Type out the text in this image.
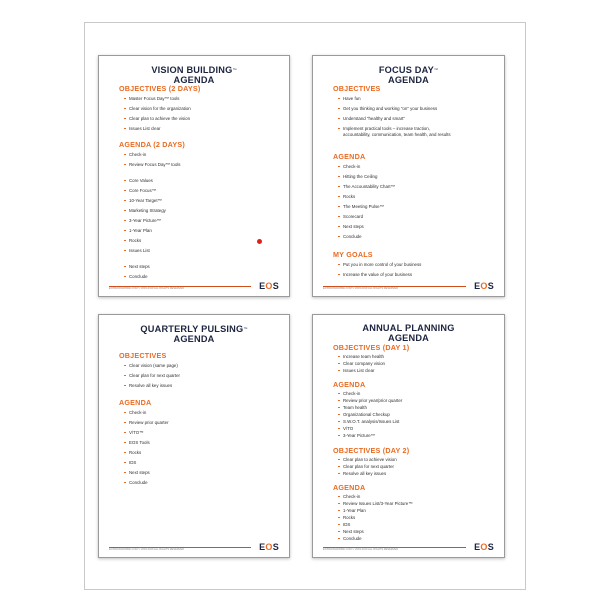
VISION BUILDING™
AGENDA
OBJECTIVES (2 DAYS)
Master Focus Day™ tools
Clear vision for the organization
Clear plan to achieve the vision
Issues List clear
AGENDA (2 DAYS)
Check-in
Review Focus Day™ tools
Core Values
Core Focus™
10-Year Target™
Marketing Strategy
3-Year Picture™
1-Year Plan
Rocks
Issues List
Next steps
Conclude
EOSWORLDWIDE.COM © 2003-2019 ALL RIGHTS RESERVED	EOS
FOCUS DAY™
AGENDA
OBJECTIVES
Have fun
Get you thinking and working "on" your business
Understand "healthy and smart"
Implement practical tools – increase traction,
accountability, communication, team health, and results
AGENDA
Check-in
Hitting the Ceiling
The Accountability Chart™
Rocks
The Meeting Pulse™
Scorecard
Next steps
Conclude
MY GOALS
Put you in more control of your business
Increase the value of your business
EOSWORLDWIDE.COM © 2003-2019 ALL RIGHTS RESERVED	EOS
QUARTERLY PULSING™
AGENDA
OBJECTIVES
Clear vision (same page)
Clear plan for next quarter
Resolve all key issues
AGENDA
Check-in
Review prior quarter
V/TO™
EOS Tools
Rocks
IDS
Next steps
Conclude
EOSWORLDWIDE.COM © 2003-2019 ALL RIGHTS RESERVED	EOS
ANNUAL PLANNING
AGENDA
OBJECTIVES (DAY 1)
Increase team health
Clear company vision
Issues List clear
AGENDA
Check-in
Review prior year/prior quarter
Team health
Organizational Checkup
S.W.O.T. analysis/Issues List
V/TO
3-Year Picture™
OBJECTIVES (DAY 2)
Clear plan to achieve vision
Clear plan for next quarter
Resolve all key issues
AGENDA
Check-in
Review Issues List/3-Year Picture™
1-Year Plan
Rocks
IDS
Next steps
Conclude
EOSWORLDWIDE.COM © 2003-2019 ALL RIGHTS RESERVED	EOS
